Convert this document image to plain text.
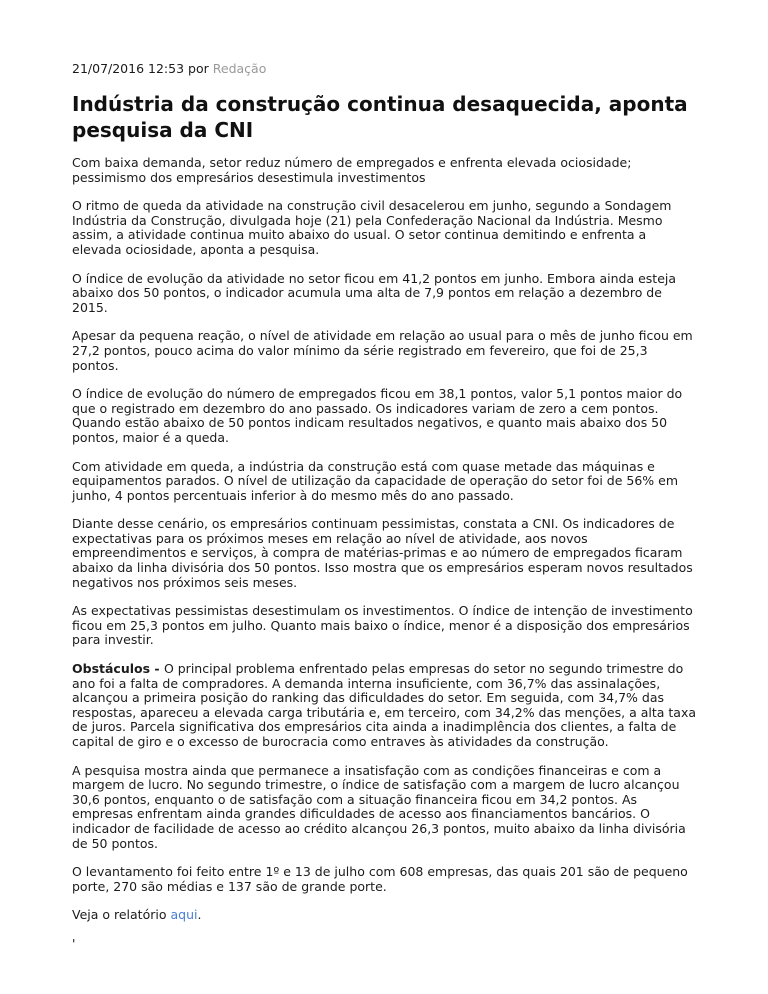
21/07/2016 12:53 por Redação
Indústria da construção continua desaquecida, aponta pesquisa da CNI

Com baixa demanda, setor reduz número de empregados e enfrenta elevada ociosidade; pessimismo dos empresários desestimula investimentos

O ritmo de queda da atividade na construção civil desacelerou em junho, segundo a Sondagem Indústria da Construção, divulgada hoje (21) pela Confederação Nacional da Indústria. Mesmo assim, a atividade continua muito abaixo do usual. O setor continua demitindo e enfrenta a elevada ociosidade, aponta a pesquisa.

O índice de evolução da atividade no setor ficou em 41,2 pontos em junho. Embora ainda esteja abaixo dos 50 pontos, o indicador acumula uma alta de 7,9 pontos em relação a dezembro de 2015.

Apesar da pequena reação, o nível de atividade em relação ao usual para o mês de junho ficou em 27,2 pontos, pouco acima do valor mínimo da série registrado em fevereiro, que foi de 25,3 pontos.

O índice de evolução do número de empregados ficou em 38,1 pontos, valor 5,1 pontos maior do que o registrado em dezembro do ano passado. Os indicadores variam de zero a cem pontos. Quando estão abaixo de 50 pontos indicam resultados negativos, e quanto mais abaixo dos 50 pontos, maior é a queda.

Com atividade em queda, a indústria da construção está com quase metade das máquinas e equipamentos parados. O nível de utilização da capacidade de operação do setor foi de 56% em junho, 4 pontos percentuais inferior à do mesmo mês do ano passado.

Diante desse cenário, os empresários continuam pessimistas, constata a CNI. Os indicadores de expectativas para os próximos meses em relação ao nível de atividade, aos novos empreendimentos e serviços, à compra de matérias-primas e ao número de empregados ficaram abaixo da linha divisória dos 50 pontos. Isso mostra que os empresários esperam novos resultados negativos nos próximos seis meses.

As expectativas pessimistas desestimulam os investimentos. O índice de intenção de investimento ficou em 25,3 pontos em julho. Quanto mais baixo o índice, menor é a disposição dos empresários para investir.

Obstáculos - O principal problema enfrentado pelas empresas do setor no segundo trimestre do ano foi a falta de compradores. A demanda interna insuficiente, com 36,7% das assinalações, alcançou a primeira posição do ranking das dificuldades do setor. Em seguida, com 34,7% das respostas, apareceu a elevada carga tributária e, em terceiro, com 34,2% das menções, a alta taxa de juros. Parcela significativa dos empresários cita ainda a inadimplência dos clientes, a falta de capital de giro e o excesso de burocracia como entraves às atividades da construção.

A pesquisa mostra ainda que permanece a insatisfação com as condições financeiras e com a margem de lucro. No segundo trimestre, o índice de satisfação com a margem de lucro alcançou 30,6 pontos, enquanto o de satisfação com a situação financeira ficou em 34,2 pontos. As empresas enfrentam ainda grandes dificuldades de acesso aos financiamentos bancários. O indicador de facilidade de acesso ao crédito alcançou 26,3 pontos, muito abaixo da linha divisória de 50 pontos.

O levantamento foi feito entre 1º e 13 de julho com 608 empresas, das quais 201 são de pequeno porte, 270 são médias e 137 são de grande porte.

Veja o relatório aqui.

'
